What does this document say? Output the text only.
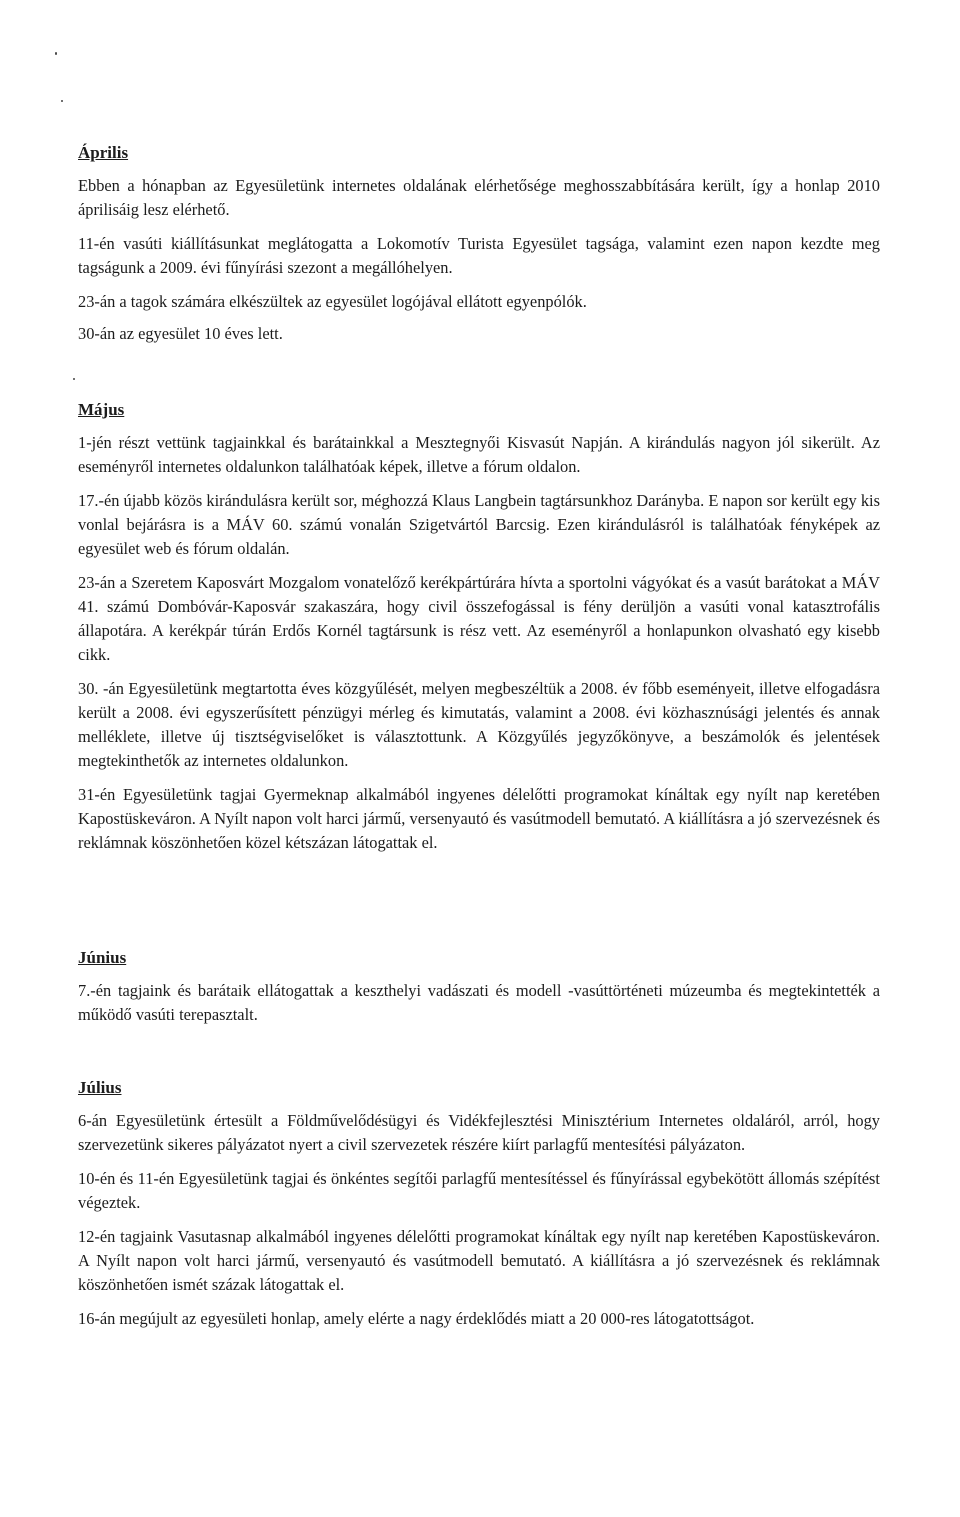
Április

Ebben a hónapban az Egyesületünk internetes oldalának elérhetősége meghosszabbítására került, így a honlap 2010 áprilisáig lesz elérhető.

11-én vasúti kiállításunkat meglátogatta a Lokomotív Turista Egyesület tagsága, valamint ezen napon kezdte meg tagságunk a 2009. évi fűnyírási szezont a megállóhelyen.

23-án a tagok számára elkészültek az egyesület logójával ellátott egyenpólók.

30-án az egyesület 10 éves lett.

Május

1-jén részt vettünk tagjainkkal és barátainkkal a Mesztegnyői Kisvasút Napján. A kirándulás nagyon jól sikerült. Az eseményről internetes oldalunkon találhatóak képek, illetve a fórum oldalon.

17.-én újabb közös kirándulásra került sor, méghozzá Klaus Langbein tagtársunkhoz Darányba. E napon sor került egy kis vonlal bejárásra is a MÁV 60. számú vonalán Szigetvártól Barcsig. Ezen kirándulásról is találhatóak fényképek az egyesület web és fórum oldalán.

23-án a Szeretem Kaposvárt Mozgalom vonatelőző kerékpártúrára hívta a sportolni vágyókat és a vasút barátokat a MÁV 41. számú Dombóvár-Kaposvár szakaszára, hogy civil összefogással is fény derüljön a vasúti vonal katasztrofális állapotára. A kerékpár túrán Erdős Kornél tagtársunk is rész vett. Az eseményről a honlapunkon olvasható egy kisebb cikk.

30. -án Egyesületünk megtartotta éves közgyűlését, melyen megbeszéltük a 2008. év főbb eseményeit, illetve elfogadásra került a 2008. évi egyszerűsített pénzügyi mérleg és kimutatás, valamint a 2008. évi közhasznúsági jelentés és annak melléklete, illetve új tisztségviselőket is választottunk. A Közgyűlés jegyzőkönyve, a beszámolók és jelentések megtekinthetők az internetes oldalunkon.

31-én Egyesületünk tagjai Gyermeknap alkalmából ingyenes délelőtti programokat kínáltak egy nyílt nap keretében Kapostüskeváron. A Nyílt napon volt harci jármű, versenyautó és vasútmodell bemutató. A kiállításra a jó szervezésnek és reklámnak köszönhetően közel kétszázan látogattak el.

Június

7.-én tagjaink és barátaik ellátogattak a keszthelyi vadászati és modell -vasúttörténeti múzeumba és megtekintették a működő vasúti terepasztalt.

Július

6-án Egyesületünk értesült a Földművelődésügyi és Vidékfejlesztési Minisztérium Internetes oldaláról, arról, hogy szervezetünk sikeres pályázatot nyert a civil szervezetek részére kiírt parlagfű mentesítési pályázaton.

10-én és 11-én Egyesületünk tagjai és önkéntes segítői parlagfű mentesítéssel és fűnyírással egybekötött állomás szépítést végeztek.

12-én tagjaink Vasutasnap alkalmából ingyenes délelőtti programokat kínáltak egy nyílt nap keretében Kapostüskeváron. A Nyílt napon volt harci jármű, versenyautó és vasútmodell bemutató. A kiállításra a jó szervezésnek és reklámnak köszönhetően ismét százak látogattak el.

16-án megújult az egyesületi honlap, amely elérte a nagy érdeklődés miatt a 20 000-res látogatottságot.
